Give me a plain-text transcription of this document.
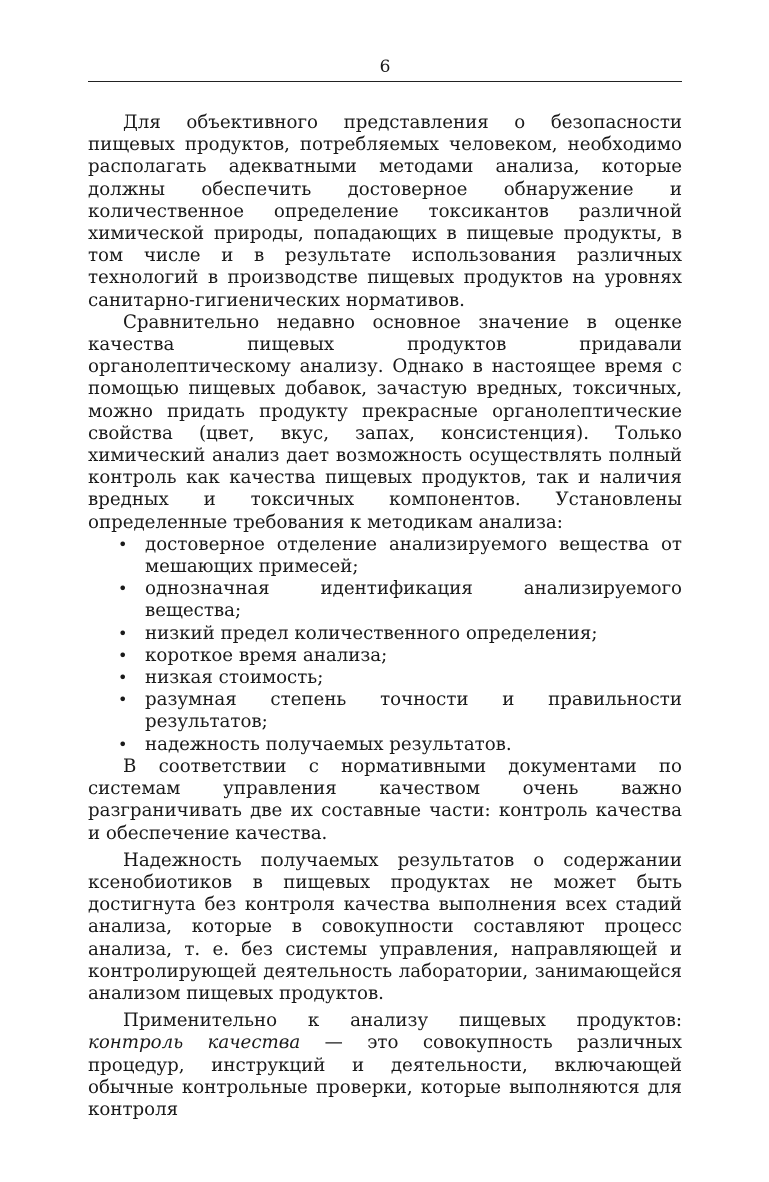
6

Для объективного представления о безопасности пищевых продуктов, потребляемых человеком, необходимо располагать адекватными методами анализа, которые должны обеспечить достоверное обнаружение и количественное определение токсикантов различной химической природы, попадающих в пищевые продукты, в том числе и в результате использования различных технологий в производстве пищевых продуктов на уровнях санитарно-гигиенических нормативов.

Сравнительно недавно основное значение в оценке качества пищевых продуктов придавали органолептическому анализу. Однако в настоящее время с помощью пищевых добавок, зачастую вредных, токсичных, можно придать продукту прекрасные органолептические свойства (цвет, вкус, запах, консистенция). Только химический анализ дает возможность осуществлять полный контроль как качества пищевых продуктов, так и наличия вредных и токсичных компонентов. Установлены определенные требования к методикам анализа:

• достоверное отделение анализируемого вещества от мешающих примесей;
• однозначная идентификация анализируемого вещества;
• низкий предел количественного определения;
• короткое время анализа;
• низкая стоимость;
• разумная степень точности и правильности результатов;
• надежность получаемых результатов.

В соответствии с нормативными документами по системам управления качеством очень важно разграничивать две их составные части: контроль качества и обеспечение качества.

Надежность получаемых результатов о содержании ксенобиотиков в пищевых продуктах не может быть достигнута без контроля качества выполнения всех стадий анализа, которые в совокупности составляют процесс анализа, т. е. без системы управления, направляющей и контролирующей деятельность лаборатории, занимающейся анализом пищевых продуктов.

Применительно к анализу пищевых продуктов: контроль качества — это совокупность различных процедур, инструкций и деятельности, включающей обычные контрольные проверки, которые выполняются для контроля
